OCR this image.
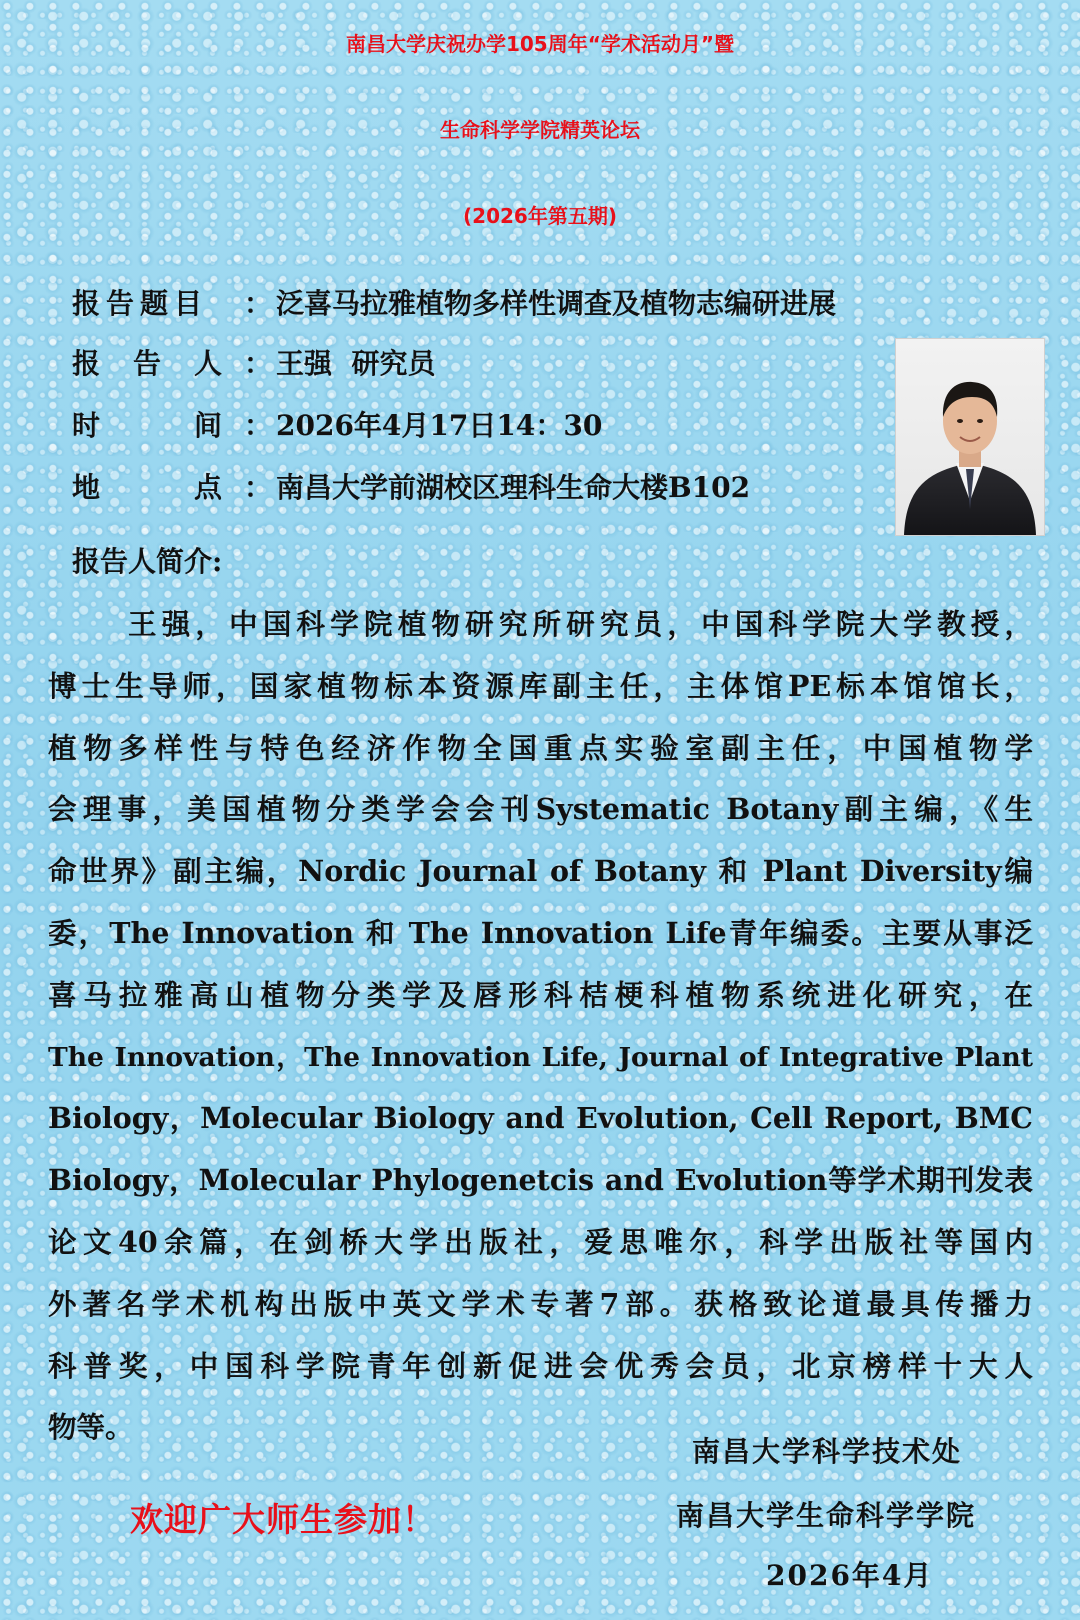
南昌大学庆祝办学105周年“学术活动月”暨
生命科学学院精英论坛
(2026年第五期)
报告题目	： 泛喜马拉雅植物多样性调查及植物志编研进展
报 告 人 ： 王强  研究员
时	间 ： 2026年4月17日14：30
地	点 ： 南昌大学前湖校区理科生命大楼B102
报告人简介:
王强，中国科学院植物研究所研究员，中国科学院大学教授，
博士生导师，国家植物标本资源库副主任，主体馆PE标本馆馆长，
植物多样性与特色经济作物全国重点实验室副主任，中国植物学
会理事，美国植物分类学会会刊Systematic Botany副主编，《生
命世界》副主编，Nordic Journal of Botany 和 Plant Diversity编
委，The Innovation 和 The Innovation Life青年编委。主要从事泛
喜马拉雅高山植物分类学及唇形科桔梗科植物系统进化研究，在
The Innovation，The Innovation Life, Journal of Integrative Plant
Biology，Molecular Biology and Evolution, Cell Report, BMC
Biology，Molecular Phylogenetcis and Evolution等学术期刊发表
论文40余篇，在剑桥大学出版社，爱思唯尔，科学出版社等国内
外著名学术机构出版中英文学术专著7部。获格致论道最具传播力
科普奖，中国科学院青年创新促进会优秀会员，北京榜样十大人
物等。
南昌大学科学技术处
欢迎广大师生参加！	南昌大学生命科学学院
2026年4月
